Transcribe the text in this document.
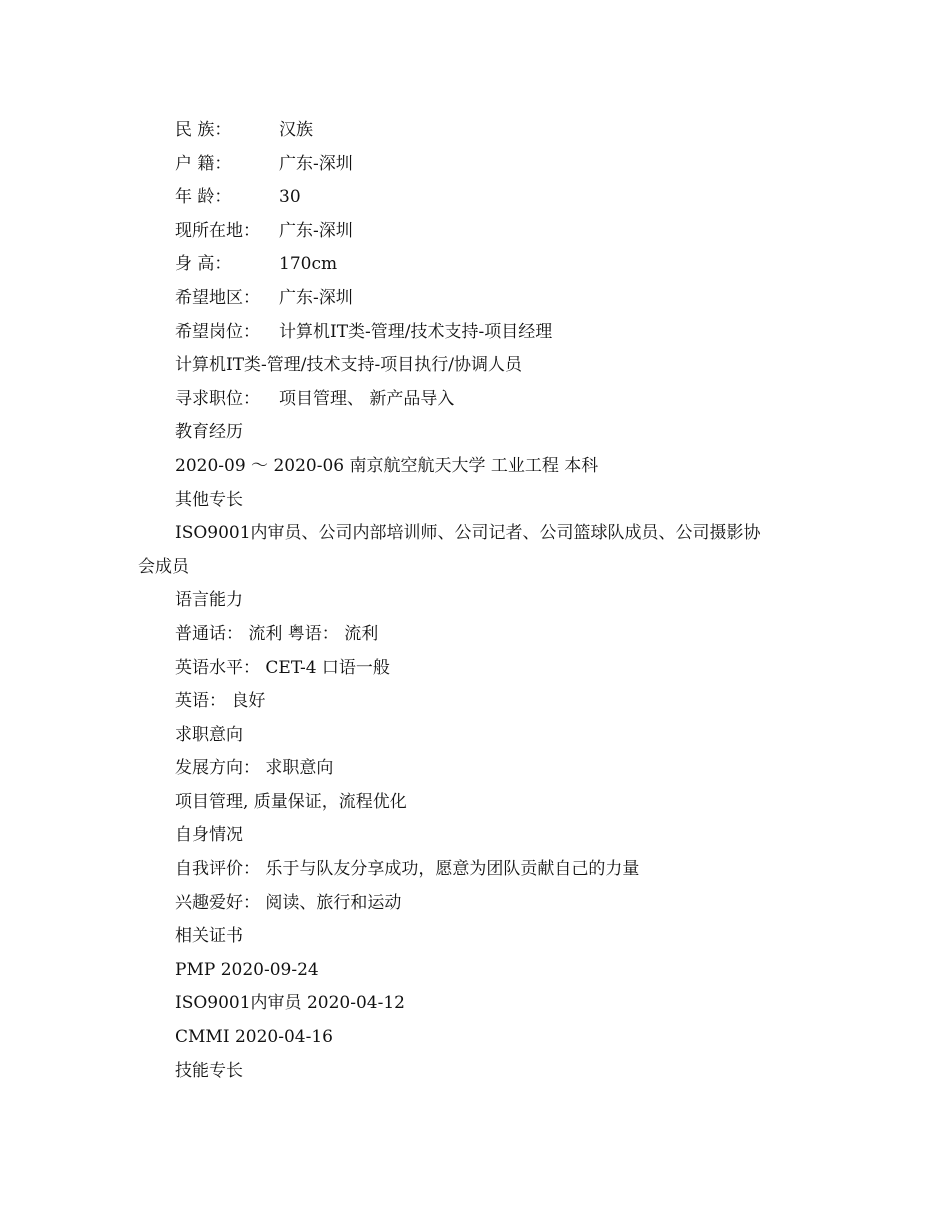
民 族：	汉族
户 籍：	广东-深圳
年 龄：	30
现所在地： 广东-深圳
身 高：	170cm
希望地区： 广东-深圳
希望岗位： 计算机IT类-管理/技术支持-项目经理
计算机IT类-管理/技术支持-项目执行/协调人员
寻求职位： 项目管理、 新产品导入
教育经历
2020-09 ～ 2020-06 南京航空航天大学 工业工程 本科
其他专长
ISO9001内审员、公司内部培训师、公司记者、公司篮球队成员、公司摄影协
会成员
语言能力
普通话： 流利 粤语： 流利
英语水平： CET-4 口语一般
英语： 良好
求职意向
发展方向： 求职意向
项目管理, 质量保证，流程优化
自身情况
自我评价： 乐于与队友分享成功，愿意为团队贡献自己的力量
兴趣爱好： 阅读、旅行和运动
相关证书
PMP 2020-09-24
ISO9001内审员 2020-04-12
CMMI 2020-04-16
技能专长
